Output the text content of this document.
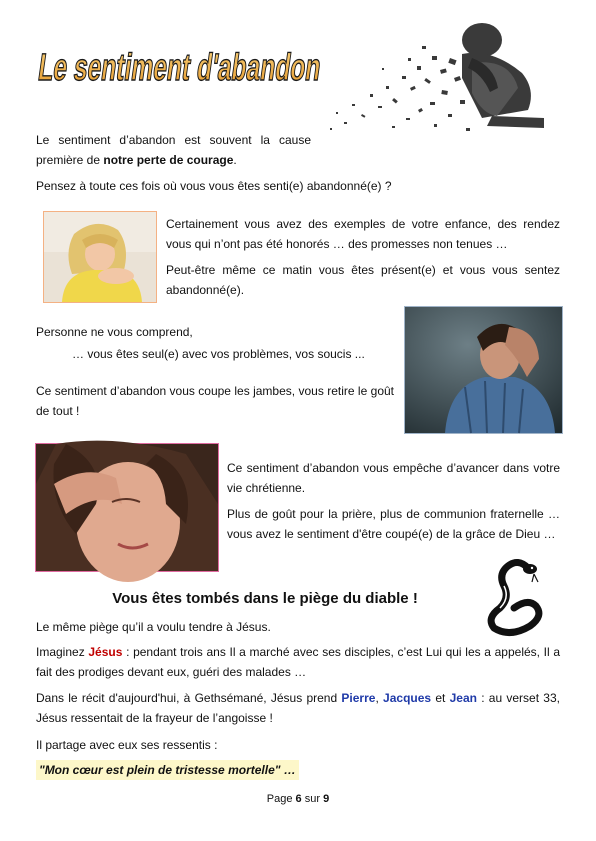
Le sentiment d'abandon

Le sentiment d’abandon est souvent la cause première de notre perte de courage.

Pensez à toute ces fois où vous vous êtes senti(e) abandonné(e) ?

Certainement vous avez des exemples de votre enfance, des rendez vous qui n’ont pas été honorés … des promesses non tenues …

Peut-être même ce matin vous êtes présent(e) et vous vous sentez abandonné(e).

Personne ne vous comprend,

… vous êtes seul(e) avec vos problèmes, vos soucis ...

Ce sentiment d’abandon vous coupe les jambes, vous retire le goût de tout !

Ce sentiment d’abandon vous empêche d’avancer dans votre vie chrétienne.

Plus de goût pour la prière, plus de communion fraternelle … vous avez le sentiment d'être coupé(e) de la grâce de Dieu …

Vous êtes tombés dans le piège du diable !

Le même piège qu’il a voulu tendre à Jésus.

Imaginez Jésus : pendant trois ans Il a marché avec ses disciples, c’est Lui qui les a appelés, Il a fait des prodiges devant eux, guéri des malades …

Dans le récit d'aujourd'hui, à Gethsémané, Jésus prend Pierre, Jacques et Jean : au verset 33, Jésus ressentait de la frayeur de l’angoisse !

Il partage avec eux ses ressentis :

"Mon cœur est plein de tristesse mortelle" …

Page 6 sur 9
